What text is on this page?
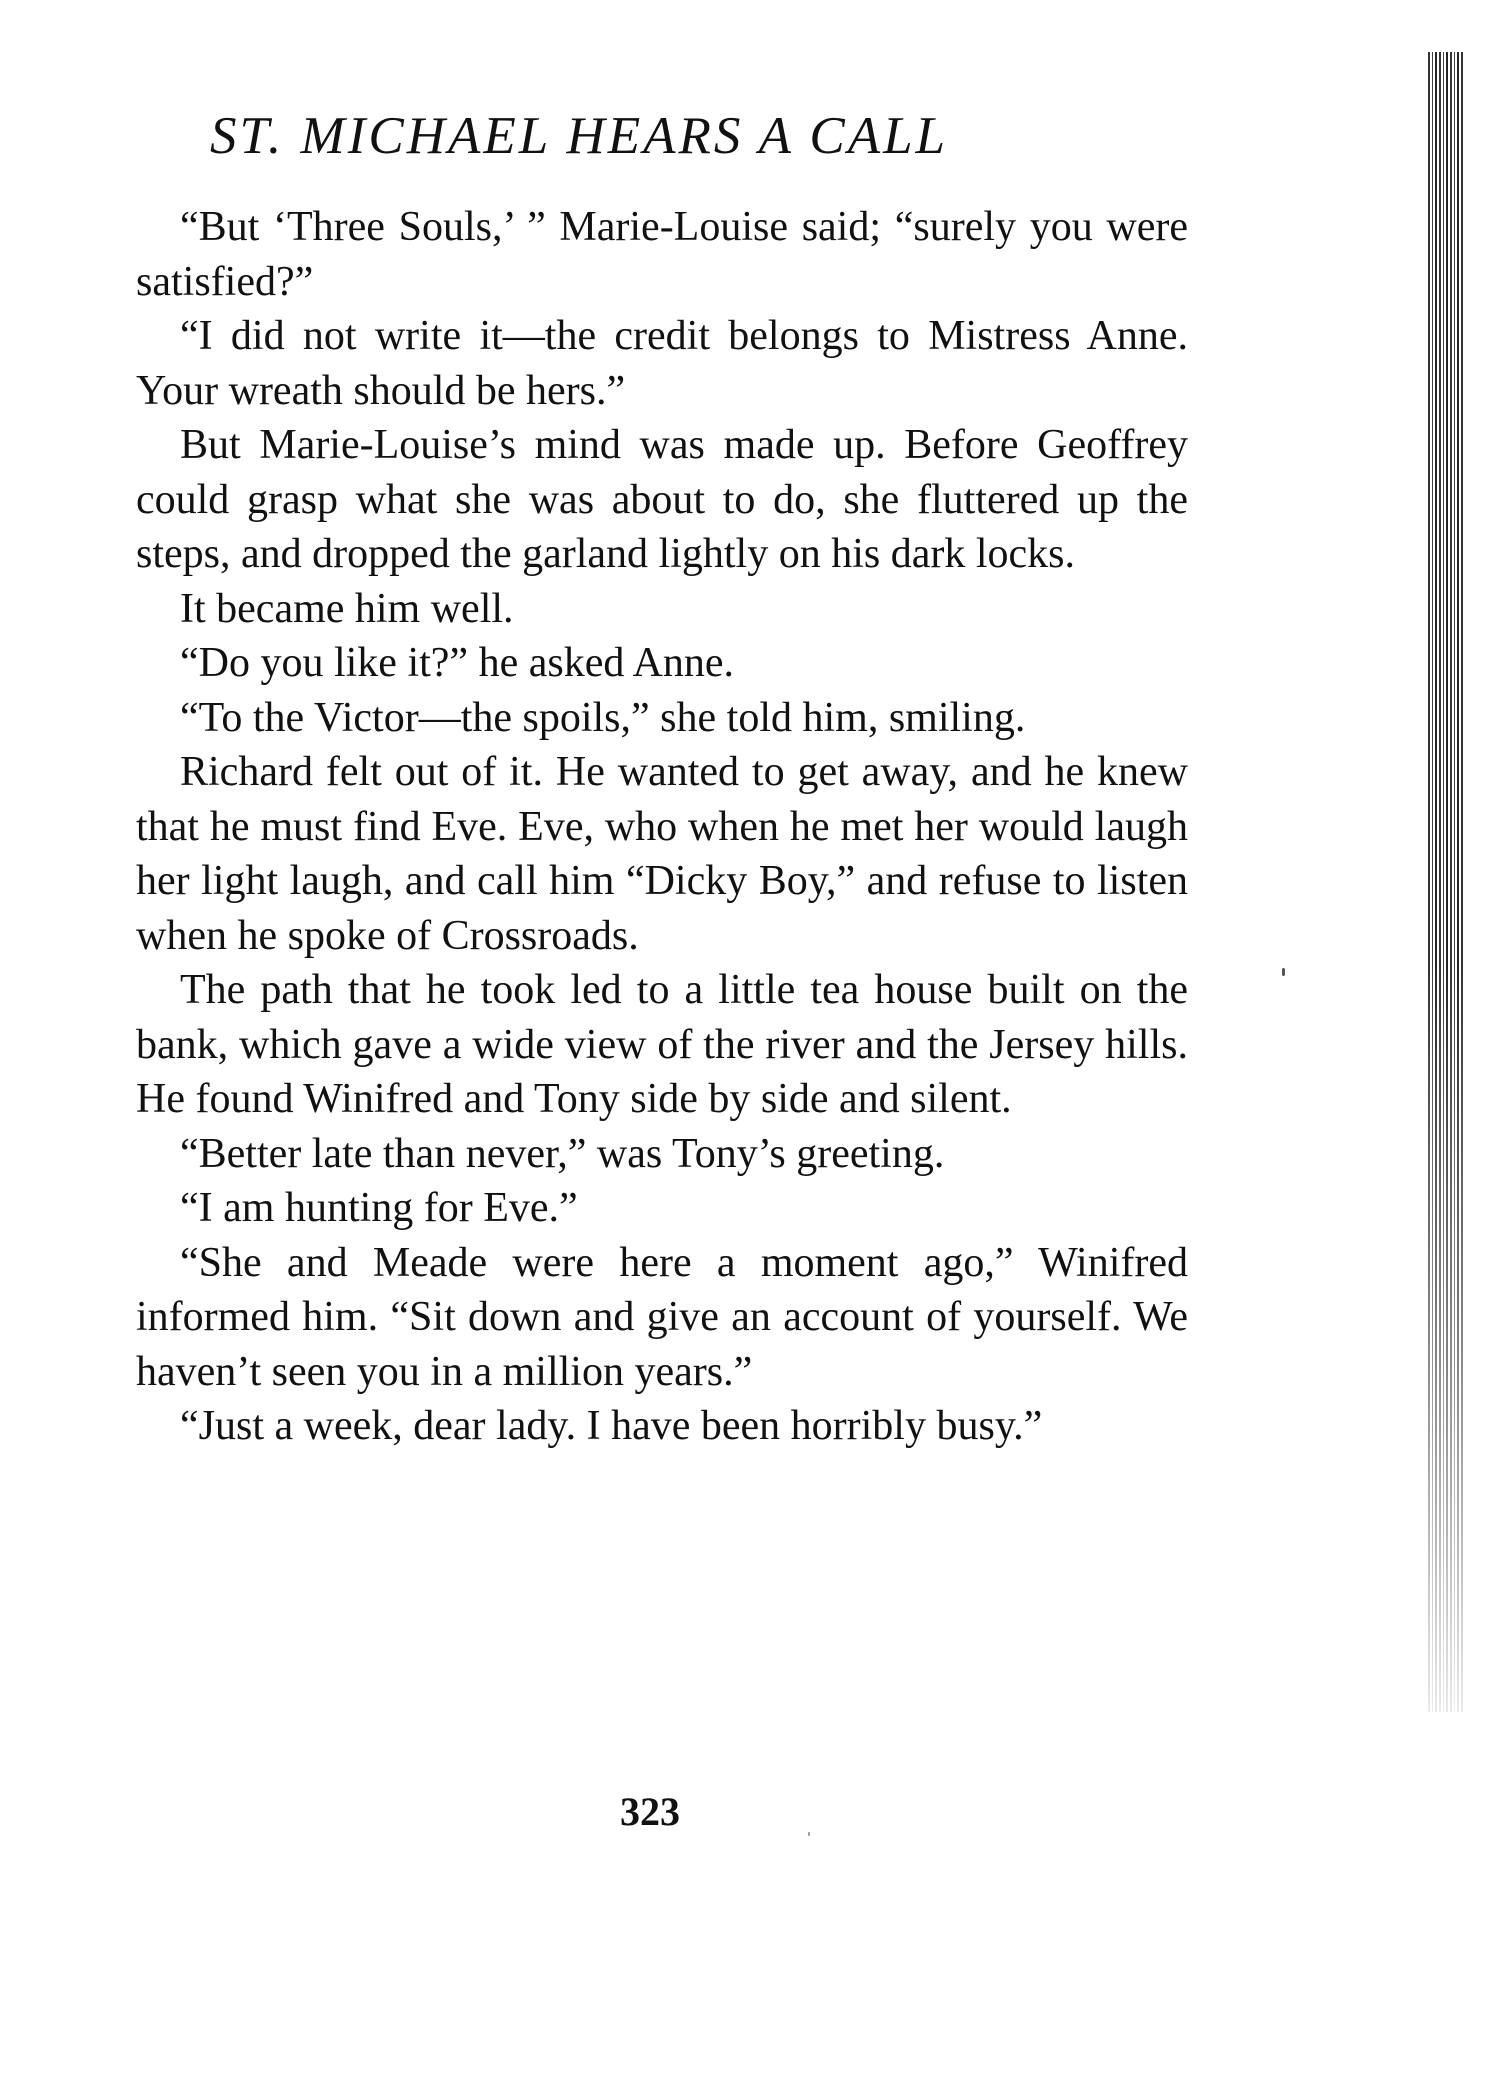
ST. MICHAEL HEARS A CALL

“But ‘Three Souls,’ ” Marie-Louise said; “surely you were satisfied?”

“I did not write it—the credit belongs to Mistress Anne. Your wreath should be hers.”

But Marie-Louise’s mind was made up. Before Geoffrey could grasp what she was about to do, she fluttered up the steps, and dropped the garland lightly on his dark locks.

It became him well.

“Do you like it?” he asked Anne.

“To the Victor—the spoils,” she told him, smiling.

Richard felt out of it. He wanted to get away, and he knew that he must find Eve. Eve, who when he met her would laugh her light laugh, and call him “Dicky Boy,” and refuse to listen when he spoke of Crossroads.

The path that he took led to a little tea house built on the bank, which gave a wide view of the river and the Jersey hills. He found Winifred and Tony side by side and silent.

“Better late than never,” was Tony’s greeting.

“I am hunting for Eve.”

“She and Meade were here a moment ago,” Winifred informed him. “Sit down and give an account of yourself. We haven’t seen you in a million years.”

“Just a week, dear lady. I have been horribly busy.”

323
